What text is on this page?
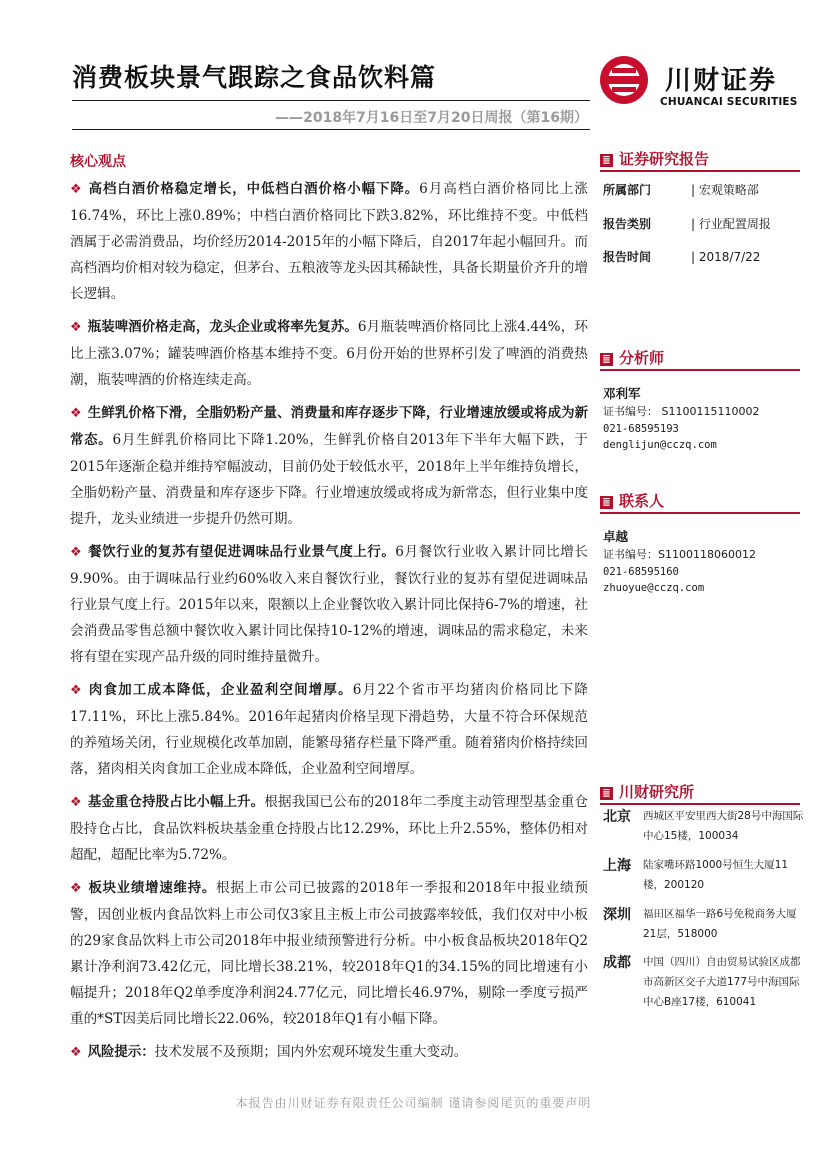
消费板块景气跟踪之食品饮料篇
——2018年7月16日至7月20日周报（第16期）
川财证券
CHUANCAI SECURITIES
核心观点

❖ 高档白酒价格稳定增长，中低档白酒价格小幅下降。6月高档白酒价格同比上涨16.74%，环比上涨0.89%；中档白酒价格同比下跌3.82%，环比维持不变。中低档酒属于必需消费品，均价经历2014-2015年的小幅下降后，自2017年起小幅回升。而高档酒均价相对较为稳定，但茅台、五粮液等龙头因其稀缺性，具备长期量价齐升的增长逻辑。

❖ 瓶装啤酒价格走高，龙头企业或将率先复苏。6月瓶装啤酒价格同比上涨4.44%，环比上涨3.07%；罐装啤酒价格基本维持不变。6月份开始的世界杯引发了啤酒的消费热潮，瓶装啤酒的价格连续走高。

❖ 生鲜乳价格下滑，全脂奶粉产量、消费量和库存逐步下降，行业增速放缓或将成为新常态。6月生鲜乳价格同比下降1.20%，生鲜乳价格自2013年下半年大幅下跌，于2015年逐渐企稳并维持窄幅波动，目前仍处于较低水平，2018年上半年维持负增长，全脂奶粉产量、消费量和库存逐步下降。行业增速放缓或将成为新常态，但行业集中度提升，龙头业绩进一步提升仍然可期。

❖ 餐饮行业的复苏有望促进调味品行业景气度上行。6月餐饮行业收入累计同比增长9.90%。由于调味品行业约60%收入来自餐饮行业，餐饮行业的复苏有望促进调味品行业景气度上行。2015年以来，限额以上企业餐饮收入累计同比保持6-7%的增速，社会消费品零售总额中餐饮收入累计同比保持10-12%的增速，调味品的需求稳定，未来将有望在实现产品升级的同时维持量微升。

❖ 肉食加工成本降低，企业盈利空间增厚。6月22个省市平均猪肉价格同比下降17.11%，环比上涨5.84%。2016年起猪肉价格呈现下滑趋势，大量不符合环保规范的养殖场关闭，行业规模化改革加剧，能繁母猪存栏量下降严重。随着猪肉价格持续回落，猪肉相关肉食加工企业成本降低，企业盈利空间增厚。

❖ 基金重仓持股占比小幅上升。根据我国已公布的2018年二季度主动管理型基金重仓股持仓占比，食品饮料板块基金重仓持股占比12.29%，环比上升2.55%，整体仍相对超配，超配比率为5.72%。

❖ 板块业绩增速维持。根据上市公司已披露的2018年一季报和2018年中报业绩预警，因创业板内食品饮料上市公司仅3家且主板上市公司披露率较低，我们仅对中小板的29家食品饮料上市公司2018年中报业绩预警进行分析。中小板食品板块2018年Q2累计净利润73.42亿元，同比增长38.21%，较2018年Q1的34.15%的同比增速有小幅提升；2018年Q2单季度净利润24.77亿元，同比增长46.97%，剔除一季度亏损严重的*ST因美后同比增长22.06%，较2018年Q1有小幅下降。

❖ 风险提示：技术发展不及预期；国内外宏观环境发生重大变动。

≣ 证券研究报告
所属部门	| 宏观策略部
报告类别	| 行业配置周报
报告时间	| 2018/7/22
≣ 分析师
邓利军
证书编号： S1100115110002
021-68595193
denglijun@cczq.com
≣ 联系人
卓越
证书编号：S1100118060012
021-68595160
zhuoyue@cczq.com
≣ 川财研究所
北京 西城区平安里西大街28号中海国际中心15楼，100034
上海 陆家嘴环路1000号恒生大厦11楼，200120
深圳 福田区福华一路6号免税商务大厦21层，518000
成都 中国（四川）自由贸易试验区成都市高新区交子大道177号中海国际中心B座17楼，610041
本报告由川财证券有限责任公司编制 谨请参阅尾页的重要声明
